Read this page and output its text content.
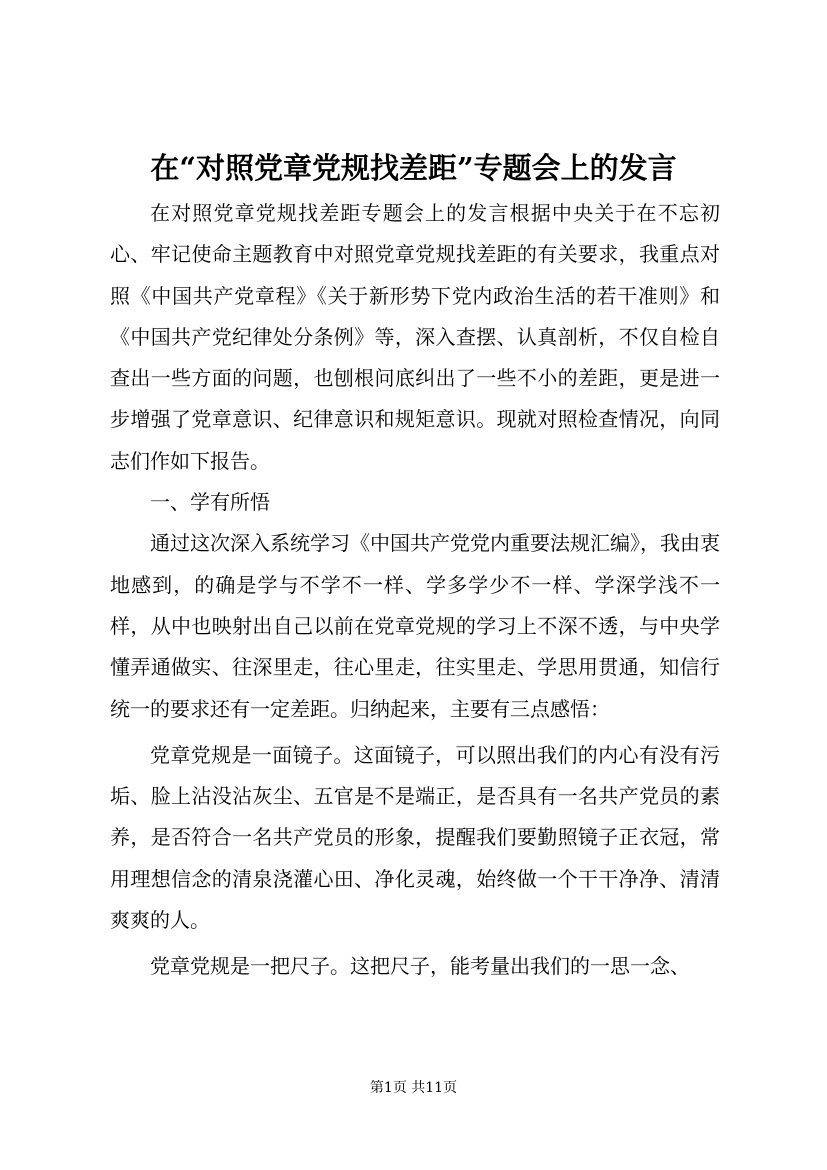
在“对照党章党规找差距”专题会上的发言

在对照党章党规找差距专题会上的发言根据中央关于在不忘初心、牢记使命主题教育中对照党章党规找差距的有关要求，我重点对照《中国共产党章程》《关于新形势下党内政治生活的若干准则》和《中国共产党纪律处分条例》等，深入查摆、认真剖析，不仅自检自查出一些方面的问题，也刨根问底纠出了一些不小的差距，更是进一步增强了党章意识、纪律意识和规矩意识。现就对照检查情况，向同志们作如下报告。

一、学有所悟

通过这次深入系统学习《中国共产党党内重要法规汇编》，我由衷地感到，的确是学与不学不一样、学多学少不一样、学深学浅不一样，从中也映射出自己以前在党章党规的学习上不深不透，与中央学懂弄通做实、往深里走，往心里走，往实里走、学思用贯通，知信行统一的要求还有一定差距。归纳起来，主要有三点感悟：

党章党规是一面镜子。这面镜子，可以照出我们的内心有没有污垢、脸上沾没沾灰尘、五官是不是端正，是否具有一名共产党员的素养，是否符合一名共产党员的形象，提醒我们要勤照镜子正衣冠，常用理想信念的清泉浇灌心田、净化灵魂，始终做一个干干净净、清清爽爽的人。

党章党规是一把尺子。这把尺子，能考量出我们的一思一念、

第1页 共11页
